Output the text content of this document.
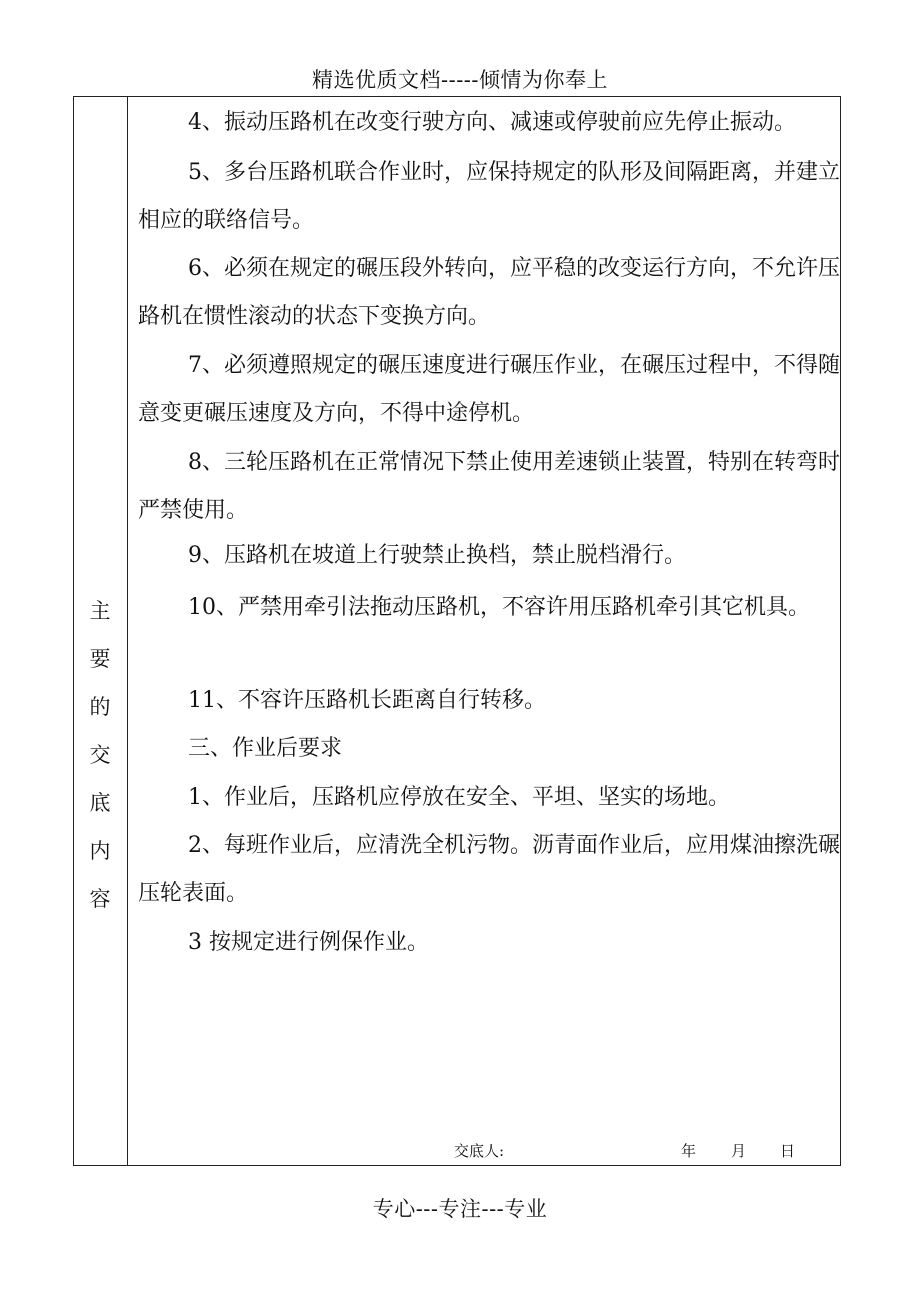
精选优质文档-----倾情为你奉上
主
要
的
交
底
内
容

4、振动压路机在改变行驶方向、减速或停驶前应先停止振动。

5、多台压路机联合作业时，应保持规定的队形及间隔距离，并建立相应的联络信号。

6、必须在规定的碾压段外转向，应平稳的改变运行方向，不允许压路机在惯性滚动的状态下变换方向。

7、必须遵照规定的碾压速度进行碾压作业，在碾压过程中，不得随意变更碾压速度及方向，不得中途停机。

8、三轮压路机在正常情况下禁止使用差速锁止装置，特别在转弯时严禁使用。

9、压路机在坡道上行驶禁止换档，禁止脱档滑行。

10、严禁用牵引法拖动压路机，不容许用压路机牵引其它机具。

11、不容许压路机长距离自行转移。

三、作业后要求

1、作业后，压路机应停放在安全、平坦、坚实的场地。

2、每班作业后，应清洗全机污物。沥青面作业后，应用煤油擦洗碾压轮表面。

3 按规定进行例保作业。

交底人:	年 月 日
专心---专注---专业
